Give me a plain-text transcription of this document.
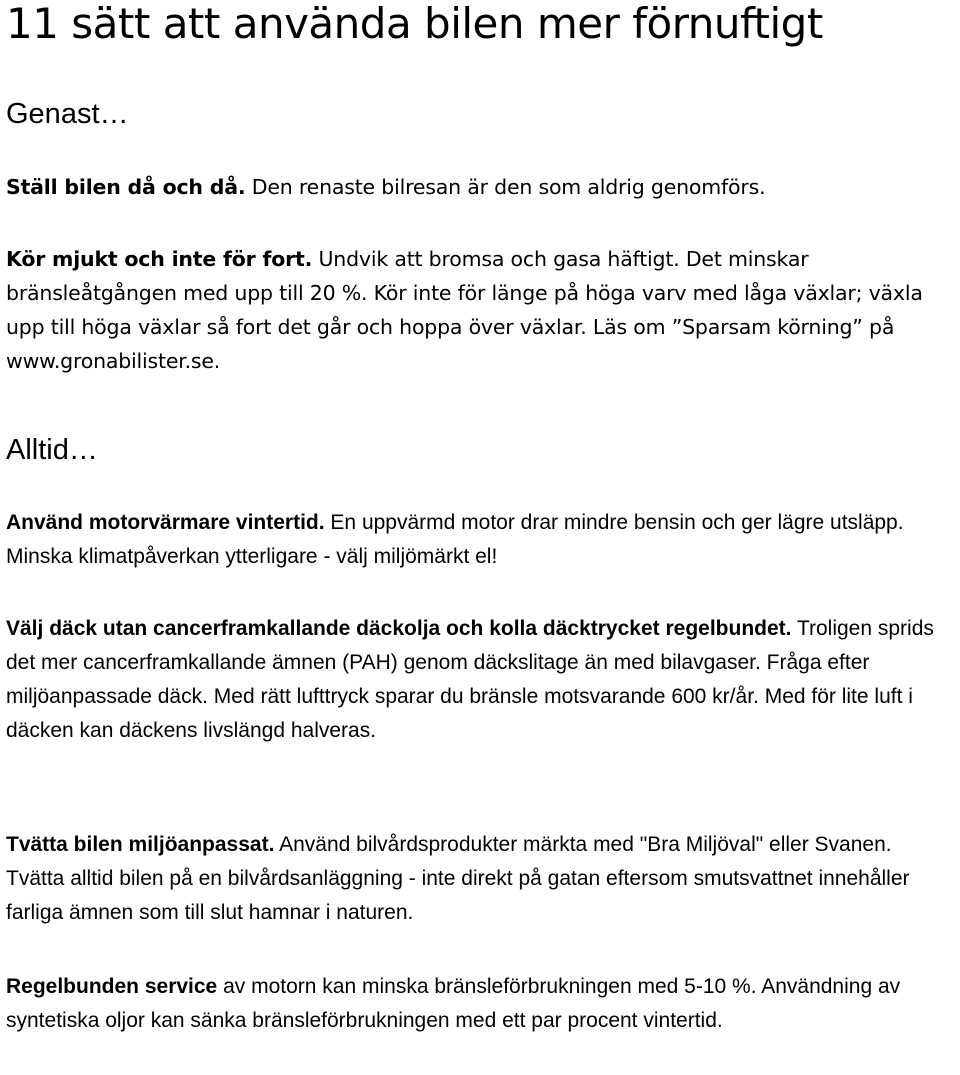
11 sätt att använda bilen mer förnuftigt
Genast…

Ställ bilen då och då. Den renaste bilresan är den som aldrig genomförs.

Kör mjukt och inte för fort. Undvik att bromsa och gasa häftigt. Det minskar bränsleåtgången med upp till 20 %. Kör inte för länge på höga varv med låga växlar; växla upp till höga växlar så fort det går och hoppa över växlar. Läs om ”Sparsam körning” på www.gronabilister.se.

Alltid…

Använd motorvärmare vintertid. En uppvärmd motor drar mindre bensin och ger lägre utsläpp. Minska klimatpåverkan ytterligare - välj miljömärkt el!

Välj däck utan cancerframkallande däckolja och kolla däcktrycket regelbundet. Troligen sprids det mer cancerframkallande ämnen (PAH) genom däckslitage än med bilavgaser. Fråga efter miljöanpassade däck. Med rätt lufttryck sparar du bränsle motsvarande 600 kr/år. Med för lite luft i däcken kan däckens livslängd halveras.

Tvätta bilen miljöanpassat. Använd bilvårdsprodukter märkta med "Bra Miljöval" eller Svanen. Tvätta alltid bilen på en bilvårdsanläggning - inte direkt på gatan eftersom smutsvattnet innehåller farliga ämnen som till slut hamnar i naturen.

Regelbunden service av motorn kan minska bränsleförbrukningen med 5-10 %. Användning av syntetiska oljor kan sänka bränsleförbrukningen med ett par procent vintertid.
